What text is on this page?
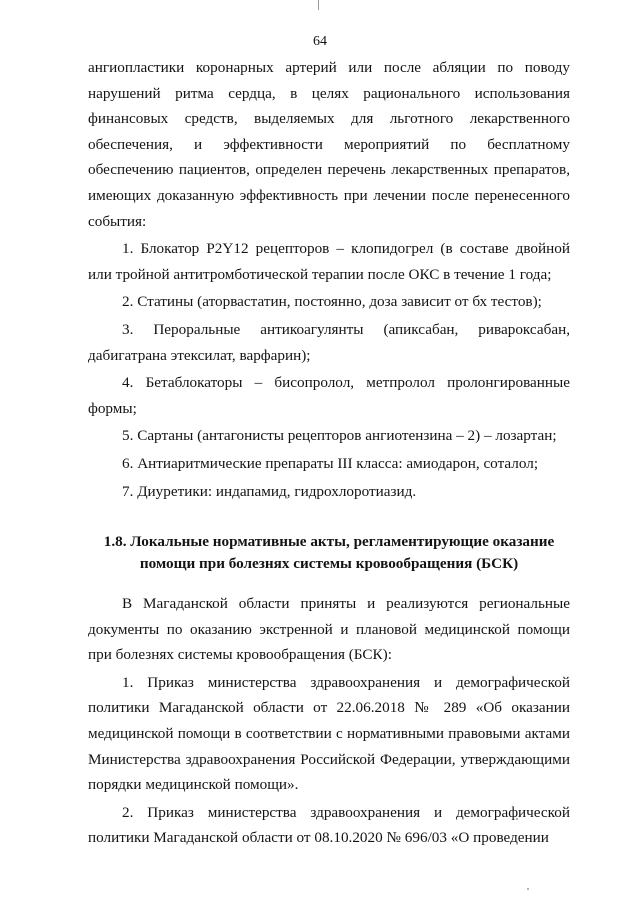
64

ангиопластики коронарных артерий или после абляции по поводу нарушений ритма сердца, в целях рационального использования финансовых средств, выделяемых для льготного лекарственного обеспечения, и эффективности мероприятий по бесплатному обеспечению пациентов, определен перечень лекарственных препаратов, имеющих доказанную эффективность при лечении после перенесенного события:

1. Блокатор P2Y12 рецепторов – клопидогрел (в составе двойной или тройной антитромботической терапии после ОКС в течение 1 года;

2. Статины (аторвастатин, постоянно, доза зависит от бх тестов);

3. Пероральные антикоагулянты (апиксабан, ривароксабан, дабигатрана этексилат, варфарин);

4. Бетаблокаторы – бисопролол, метпролол пролонгированные формы;

5. Сартаны (антагонисты рецепторов ангиотензина – 2) – лозартан;

6. Антиаритмические препараты III класса: амиодарон, соталол;

7. Диуретики: индапамид, гидрохлоротиазид.

1.8. Локальные нормативные акты, регламентирующие оказание помощи при болезнях системы кровообращения (БСК)

В Магаданской области приняты и реализуются региональные документы по оказанию экстренной и плановой медицинской помощи при болезнях системы кровообращения (БСК):

1. Приказ министерства здравоохранения и демографической политики Магаданской области от 22.06.2018 № 289 «Об оказании медицинской помощи в соответствии с нормативными правовыми актами Министерства здравоохранения Российской Федерации, утверждающими порядки медицинской помощи».

2. Приказ министерства здравоохранения и демографической политики Магаданской области от 08.10.2020 № 696/03 «О проведении
